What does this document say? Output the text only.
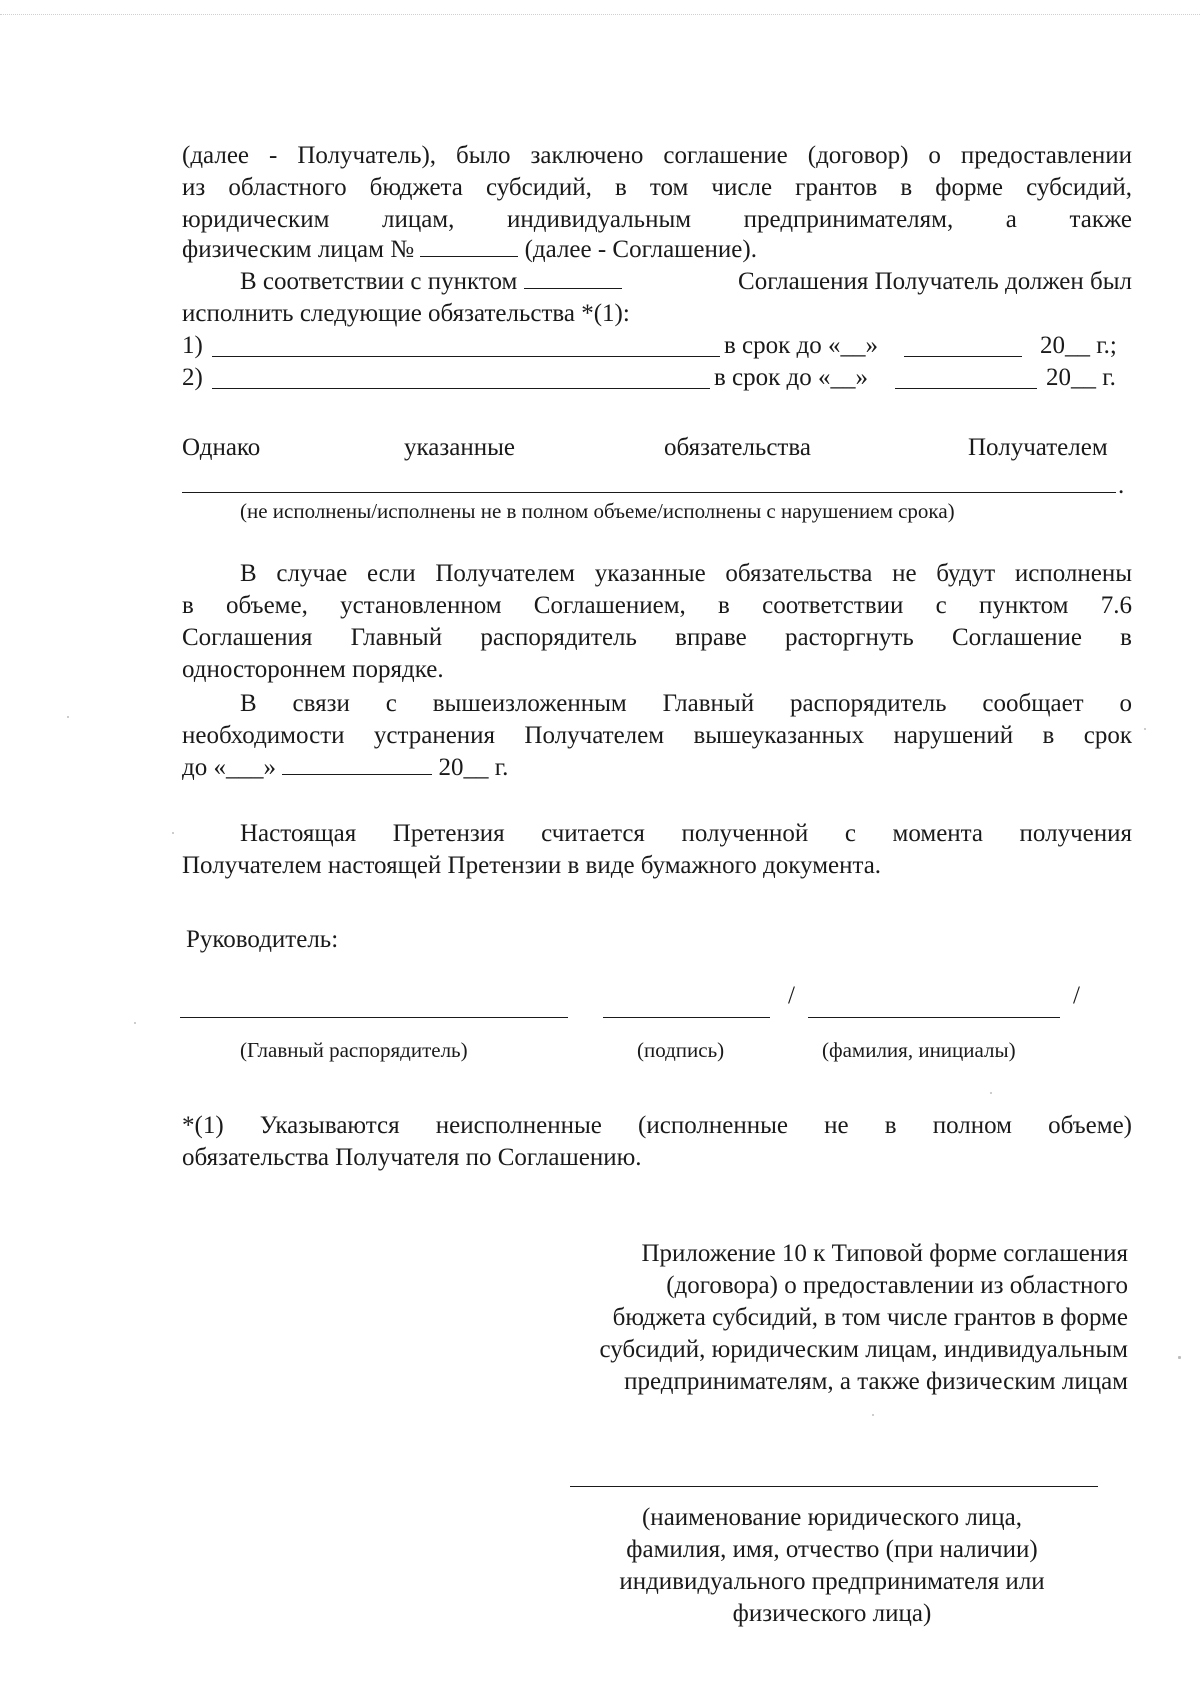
(далее - Получатель), было заключено соглашение (договор) о предоставлении
из областного бюджета субсидий, в том числе грантов в форме субсидий,
юридическим лицам, индивидуальным предпринимателям, а также
физическим лицам №	(далее - Соглашение).
В соответствии с пунктом	Соглашения Получатель должен был
исполнить следующие обязательства *(1):
1)	в срок до «__»	20__ г.;
2)	в срок до «__»	20__ г.
Однако	указанные	обязательства	Получателем
.
(не исполнены/исполнены не в полном объеме/исполнены с нарушением срока)
В случае если Получателем указанные обязательства не будут исполнены
в объеме, установленном Соглашением, в соответствии с пунктом 7.6
Соглашения Главный распорядитель вправе расторгнуть Соглашение в
одностороннем порядке.
В связи с вышеизложенным Главный распорядитель сообщает о
необходимости устранения Получателем вышеуказанных нарушений в срок
до «___»	20__ г.
Настоящая Претензия считается полученной с момента получения
Получателем настоящей Претензии в виде бумажного документа.
Руководитель:
/	/
(Главный распорядитель)	(подпись)	(фамилия, инициалы)
*(1) Указываются неисполненные (исполненные не в полном объеме)
обязательства Получателя по Соглашению.
Приложение 10 к Типовой форме соглашения
(договора) о предоставлении из областного
бюджета субсидий, в том числе грантов в форме
субсидий, юридическим лицам, индивидуальным
предпринимателям, а также физическим лицам
(наименование юридического лица,
фамилия, имя, отчество (при наличии)
индивидуального предпринимателя или
физического лица)
